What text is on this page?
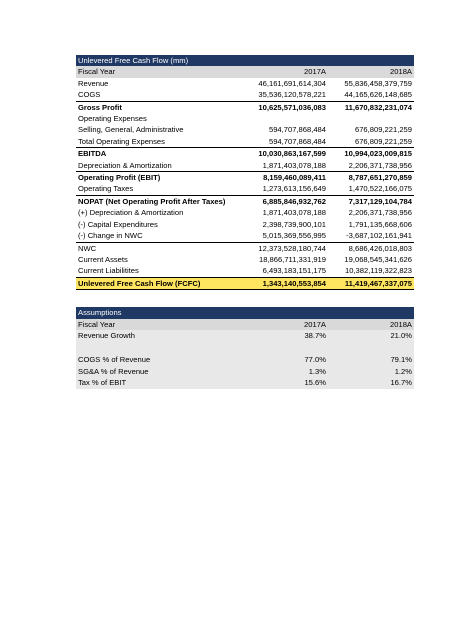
Unlevered Free Cash Flow (mm)		
Fiscal Year	2017A	2018A
Revenue	46,161,691,614,304	55,836,458,379,759
COGS	35,536,120,578,221	44,165,626,148,685
Gross Profit	10,625,571,036,083	11,670,832,231,074
Operating Expenses		
Selling, General, Administrative	594,707,868,484	676,809,221,259
Total Operating Expenses	594,707,868,484	676,809,221,259
EBITDA	10,030,863,167,599	10,994,023,009,815
Depreciation & Amortization	1,871,403,078,188	2,206,371,738,956
Operating Profit (EBIT)	8,159,460,089,411	8,787,651,270,859
Operating Taxes	1,273,613,156,649	1,470,522,166,075
NOPAT (Net Operating Profit After Taxes)	6,885,846,932,762	7,317,129,104,784
(+) Depreciation & Amortization	1,871,403,078,188	2,206,371,738,956
(-) Capital Expenditures	2,398,739,900,101	1,791,135,668,606
(-) Change in NWC	5,015,369,556,995	-3,687,102,161,941
NWC	12,373,528,180,744	8,686,426,018,803
Current Assets	18,866,711,331,919	19,068,545,341,626
Current Liabilitites	6,493,183,151,175	10,382,119,322,823
Unlevered Free Cash Flow (FCFC)	1,343,140,553,854	11,419,467,337,075
Assumptions		
Fiscal Year	2017A	2018A
Revenue Growth	38.7%	21.0%

COGS % of Revenue	77.0%	79.1%
SG&A % of Revenue	1.3%	1.2%
Tax % of EBIT	15.6%	16.7%
